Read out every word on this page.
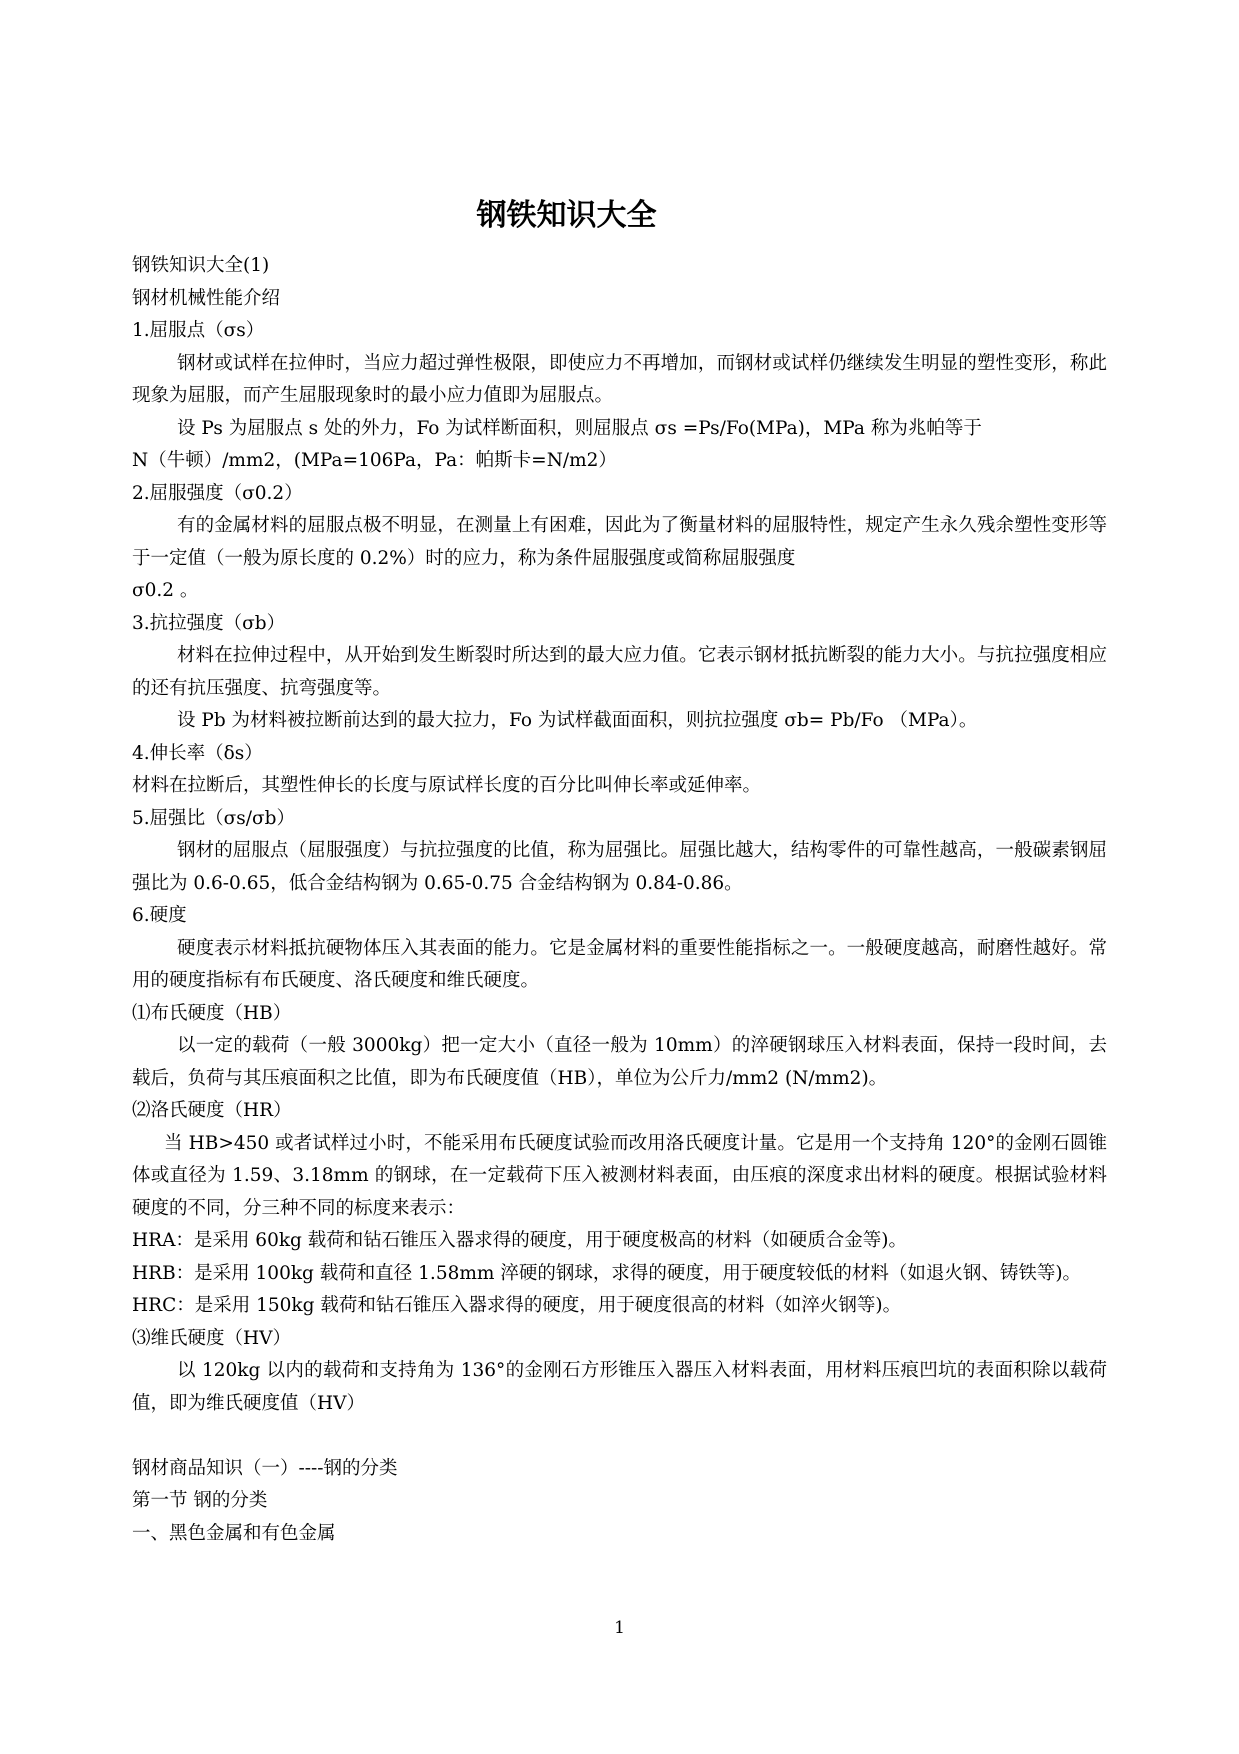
钢铁知识大全

钢铁知识大全(1)

钢材机械性能介绍

1.屈服点（σs）

钢材或试样在拉伸时，当应力超过弹性极限，即使应力不再增加，而钢材或试样仍继续发生明显的塑性变形，称此现象为屈服，而产生屈服现象时的最小应力值即为屈服点。

设 Ps 为屈服点 s 处的外力，Fo 为试样断面积，则屈服点 σs =Ps/Fo(MPa)，MPa 称为兆帕等于

N（牛顿）/mm2，(MPa=106Pa，Pa：帕斯卡=N/m2）

2.屈服强度（σ0.2）

有的金属材料的屈服点极不明显，在测量上有困难，因此为了衡量材料的屈服特性，规定产生永久残余塑性变形等于一定值（一般为原长度的 0.2%）时的应力，称为条件屈服强度或简称屈服强度

σ0.2 。

3.抗拉强度（σb）

材料在拉伸过程中，从开始到发生断裂时所达到的最大应力值。它表示钢材抵抗断裂的能力大小。与抗拉强度相应的还有抗压强度、抗弯强度等。

设 Pb 为材料被拉断前达到的最大拉力，Fo 为试样截面面积，则抗拉强度 σb= Pb/Fo （MPa）。

4.伸长率（δs）

材料在拉断后，其塑性伸长的长度与原试样长度的百分比叫伸长率或延伸率。

5.屈强比（σs/σb）

钢材的屈服点（屈服强度）与抗拉强度的比值，称为屈强比。屈强比越大，结构零件的可靠性越高，一般碳素钢屈强比为 0.6-0.65，低合金结构钢为 0.65-0.75 合金结构钢为 0.84-0.86。

6.硬度

硬度表示材料抵抗硬物体压入其表面的能力。它是金属材料的重要性能指标之一。一般硬度越高，耐磨性越好。常用的硬度指标有布氏硬度、洛氏硬度和维氏硬度。

⑴布氏硬度（HB）

以一定的载荷（一般 3000kg）把一定大小（直径一般为 10mm）的淬硬钢球压入材料表面，保持一段时间，去载后，负荷与其压痕面积之比值，即为布氏硬度值（HB），单位为公斤力/mm2 (N/mm2)。

⑵洛氏硬度（HR）

当 HB>450 或者试样过小时，不能采用布氏硬度试验而改用洛氏硬度计量。它是用一个支持角 120°的金刚石圆锥体或直径为 1.59、3.18mm 的钢球，在一定载荷下压入被测材料表面，由压痕的深度求出材料的硬度。根据试验材料硬度的不同，分三种不同的标度来表示：

HRA：是采用 60kg 载荷和钻石锥压入器求得的硬度，用于硬度极高的材料（如硬质合金等)。

HRB：是采用 100kg 载荷和直径 1.58mm 淬硬的钢球，求得的硬度，用于硬度较低的材料（如退火钢、铸铁等)。

HRC：是采用 150kg 载荷和钻石锥压入器求得的硬度，用于硬度很高的材料（如淬火钢等)。

⑶维氏硬度（HV）

以 120kg 以内的载荷和支持角为 136°的金刚石方形锥压入器压入材料表面，用材料压痕凹坑的表面积除以载荷值，即为维氏硬度值（HV）

钢材商品知识（一）----钢的分类

第一节 钢的分类

一、黑色金属和有色金属

1
